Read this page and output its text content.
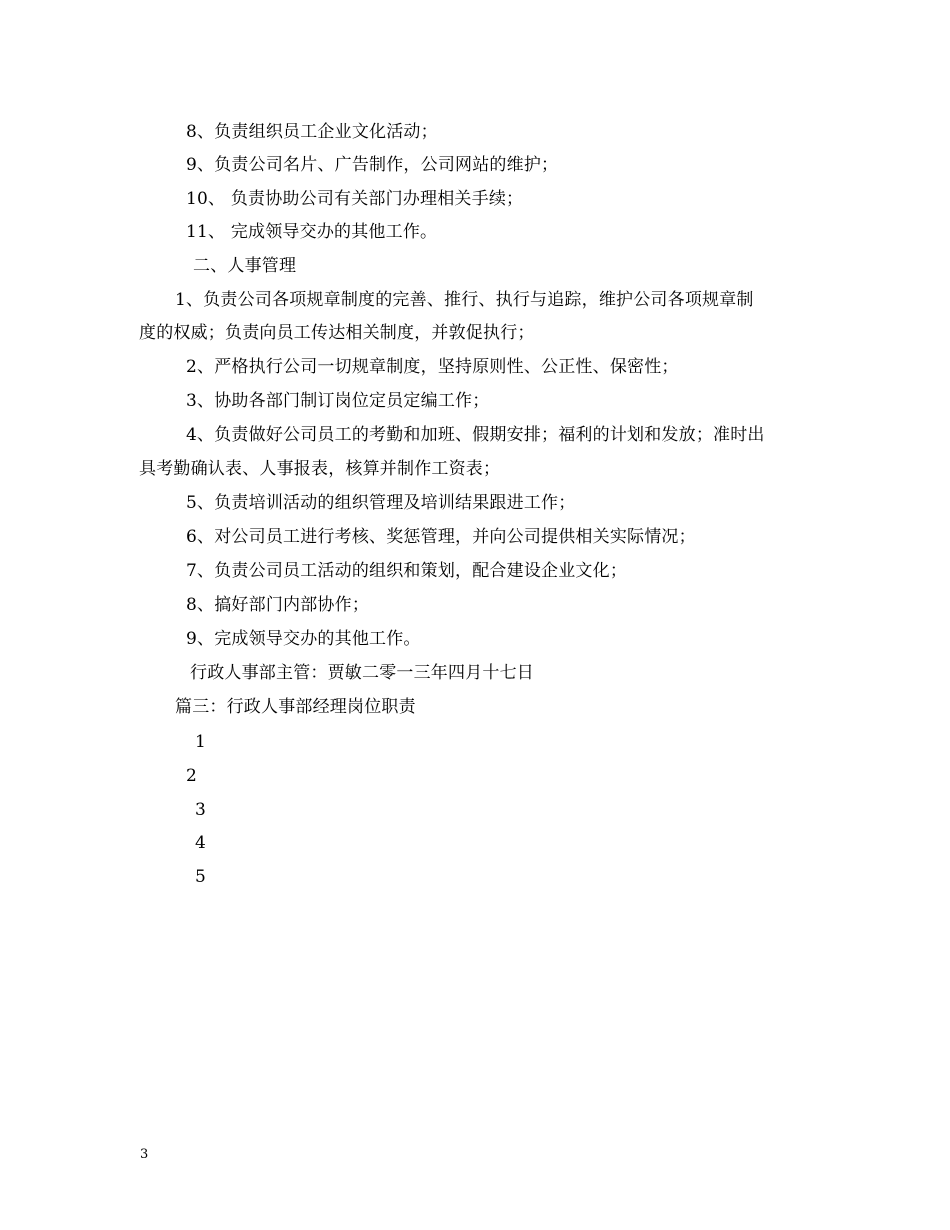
8、负责组织员工企业文化活动；
9、负责公司名片、广告制作，公司网站的维护；
10、 负责协助公司有关部门办理相关手续；
11、 完成领导交办的其他工作。
二、人事管理
1、负责公司各项规章制度的完善、推行、执行与追踪，维护公司各项规章制
度的权威；负责向员工传达相关制度，并敦促执行；
2、严格执行公司一切规章制度，坚持原则性、公正性、保密性；
3、协助各部门制订岗位定员定编工作；
4、负责做好公司员工的考勤和加班、假期安排；福利的计划和发放；准时出
具考勤确认表、人事报表，核算并制作工资表；
5、负责培训活动的组织管理及培训结果跟进工作；
6、对公司员工进行考核、奖惩管理，并向公司提供相关实际情况；
7、负责公司员工活动的组织和策划，配合建设企业文化；
8、搞好部门内部协作；
9、完成领导交办的其他工作。
行政人事部主管：贾敏二零一三年四月十七日
篇三：行政人事部经理岗位职责
1
2
3
4
5
3
